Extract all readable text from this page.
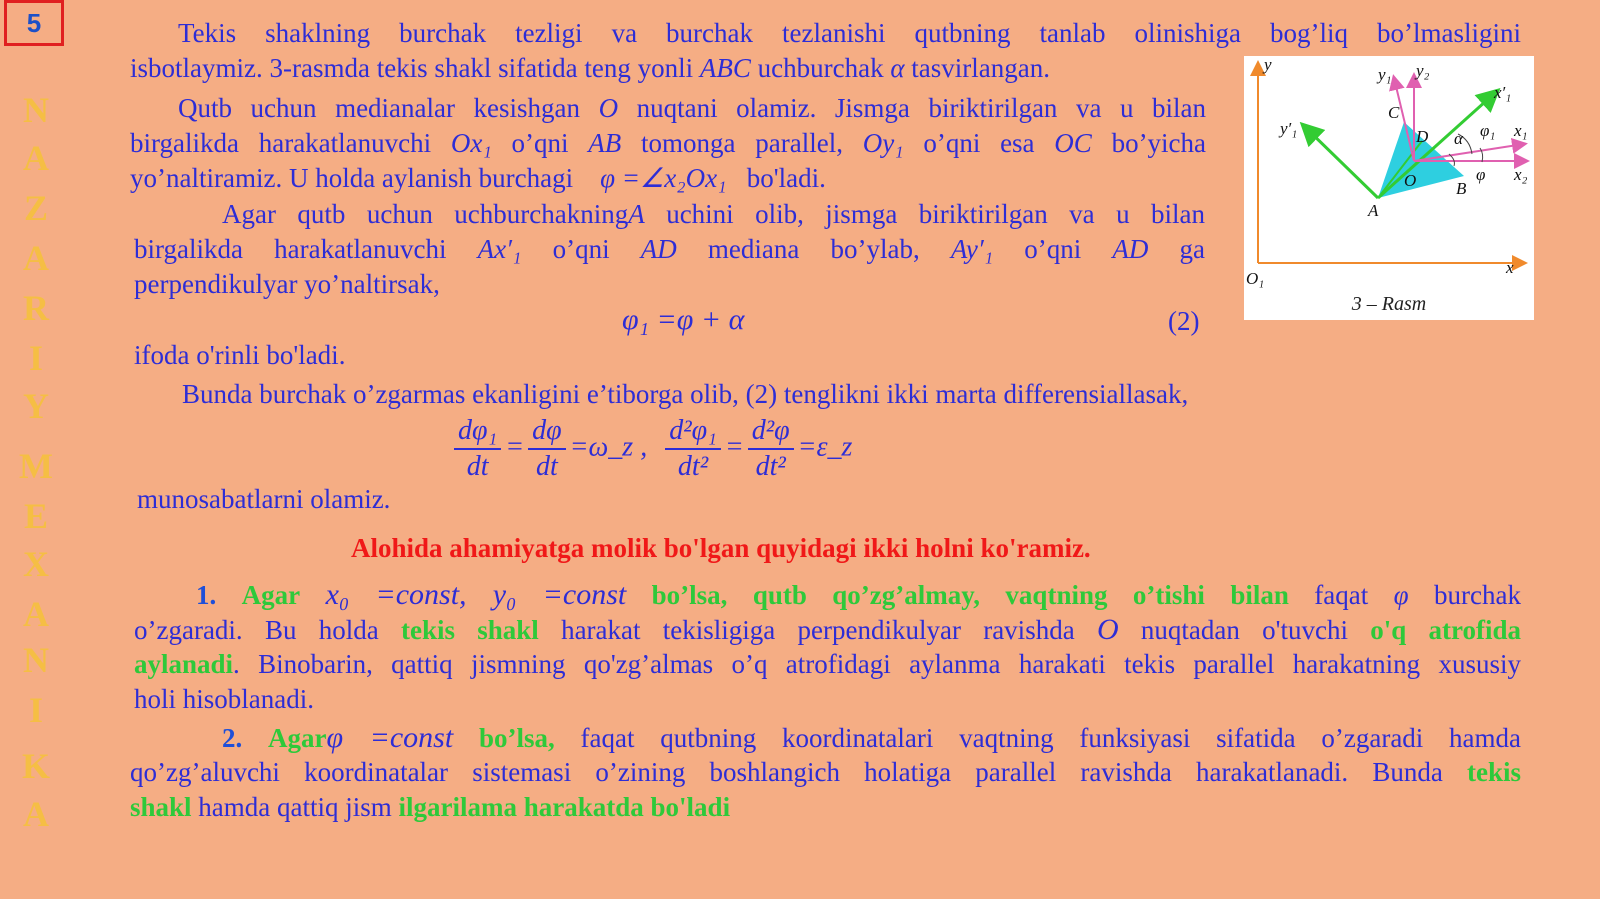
5
N
A
Z
A
R
I
Y
M
E
X
A
N
I
K
A

Tekis shaklning burchak tezligi va burchak tezlanishi qutbning tanlab olinishiga bog’liq bo’lmasligini

isbotlaymiz. 3-rasmda tekis shakl sifatida teng yonli ABC uchburchak α tasvirlangan.

Qutb uchun medianalar kesishgan O nuqtani olamiz. Jismga biriktirilgan va u bilan

birgalikda harakatlanuvchi Ox₁ o’qni AB tomonga parallel, Oy₁ o’qni esa OC bo’yicha

yo’naltiramiz. U holda aylanish burchagi φ =∠x₂Ox₁ bo'ladi.

Agar qutb uchun uchburchakningA uchini olib, jismga biriktirilgan va u bilan

birgalikda harakatlanuvchi Ax′₁ o’qni AD mediana bo’ylab, Ay′₁ o’qni AD ga

perpendikulyar yo’naltirsak,

φ₁ =φ + α	(2)

ifoda o'rinli bo'ladi.

Bunda burchak o’zgarmas ekanligini e’tiborga olib, (2) tenglikni ikki marta differensiallasak,

$\frac{\text{dφ₁}}{dt} = \frac{d\varphi}{dt}$ =ω_z , $\frac{\text{d²φ₁}}{\text{dt²}} = \frac{\text{d²φ}}{\text{dt²}}$ =ε_z

munosabatlarni olamiz.

Alohida ahamiyatga molik bo'lgan quyidagi ikki holni ko'ramiz.

1. Agar x₀ =const, y₀ =const bo’lsa, qutb qo’zg’almay, vaqtning o’tishi bilan faqat φ burchak

o’zgaradi. Bu holda tekis shakl harakat tekisligiga perpendikulyar ravishda O nuqtadan o'tuvchi o'q atrofida

aylanadi. Binobarin, qattiq jismning qo'zg’almas o’q atrofidagi aylanma harakati tekis parallel harakatning xususiy

holi hisoblanadi.

2. Agarφ =const bo’lsa, faqat qutbning koordinatalari vaqtning funksiyasi sifatida o’zgaradi hamda

qo’zg’aluvchi koordinatalar sistemasi o’zining boshlangich holatiga parallel ravishda harakatlanadi. Bunda tekis

shakl hamda qattiq jism ilgarilama harakatda bo'ladi

y
x
O₁
y₁ y₂
x′₁
y′₁
C
D
O B
A
x₁
x₂
α φ₁
φ
3 – Rasm
